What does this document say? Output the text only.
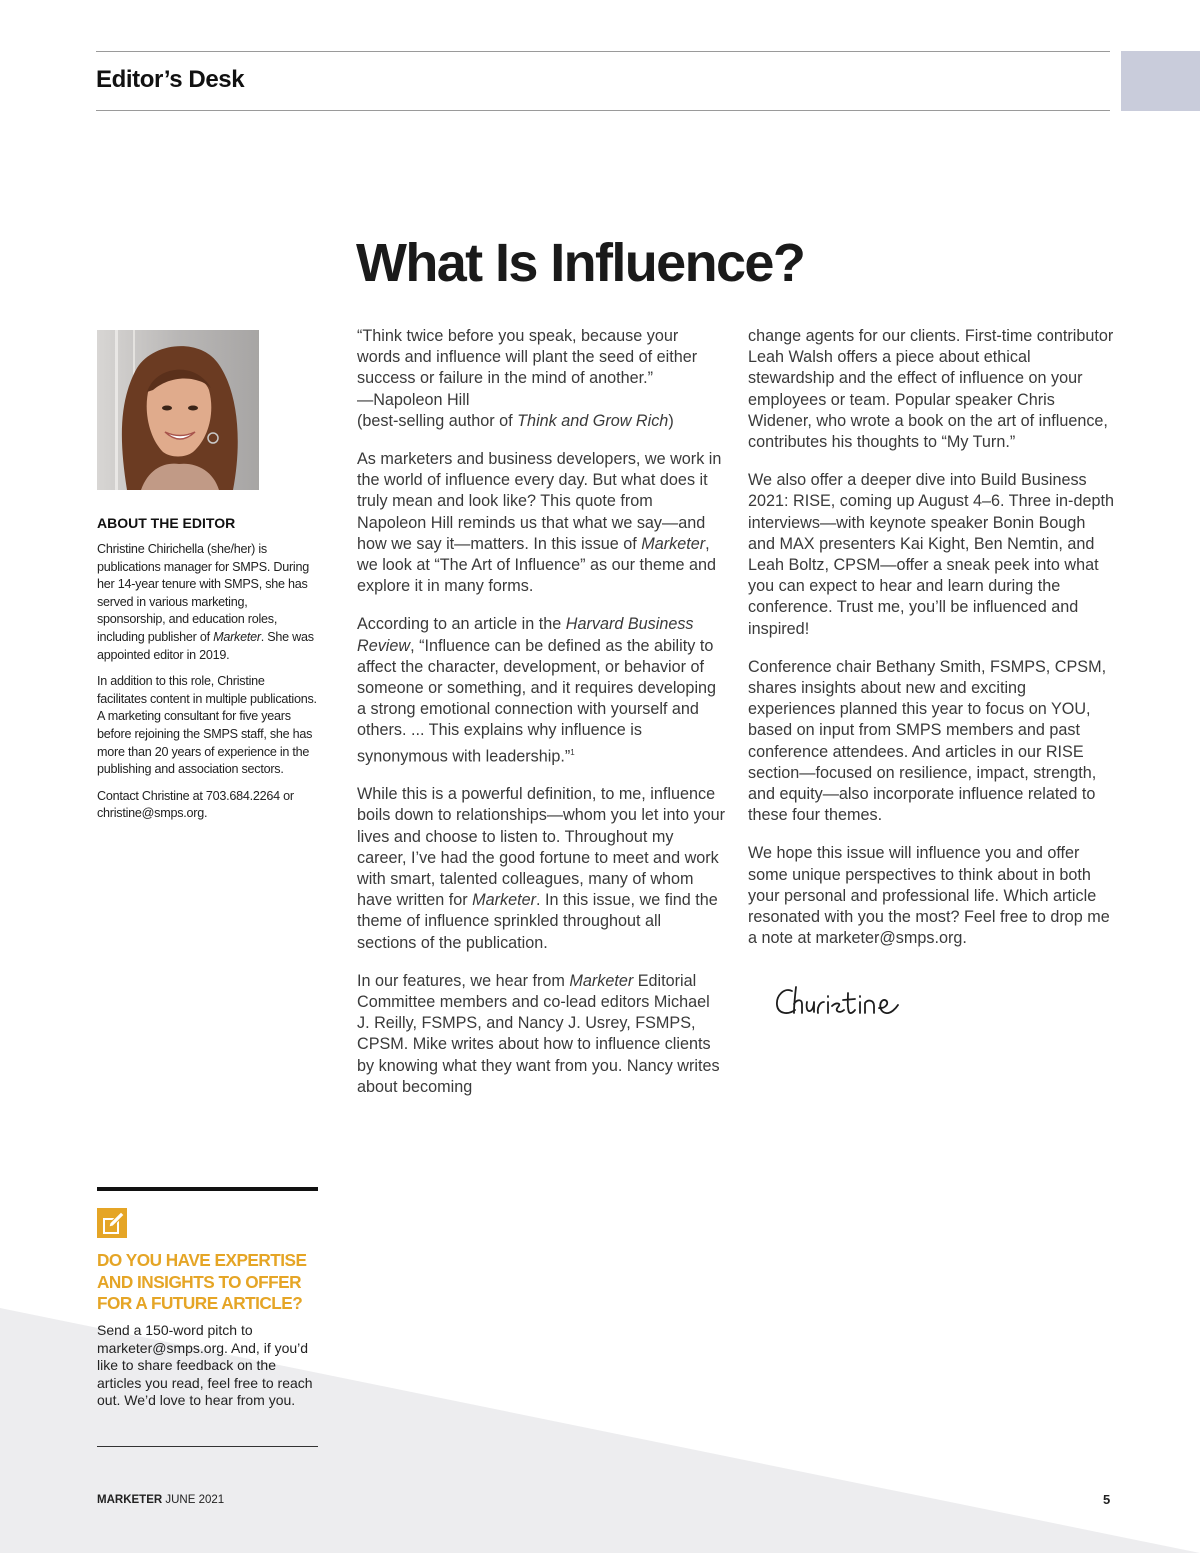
Editor’s Desk
What Is Influence?
ABOUT THE EDITOR

Christine Chirichella (she/her) is publications manager for SMPS. During her 14-year tenure with SMPS, she has served in various marketing, sponsorship, and education roles, including publisher of Marketer. She was appointed editor in 2019.

In addition to this role, Christine facilitates content in multiple publications. A marketing consultant for five years before rejoining the SMPS staff, she has more than 20 years of experience in the publishing and association sectors.

Contact Christine at 703.684.2264 or christine@smps.org.

“Think twice before you speak, because your words and influence will plant the seed of either success or failure in the mind of another.”
—Napoleon Hill
(best-selling author of Think and Grow Rich)

As marketers and business developers, we work in the world of influence every day. But what does it truly mean and look like? This quote from Napoleon Hill reminds us that what we say—and how we say it—matters. In this issue of Marketer, we look at “The Art of Influence” as our theme and explore it in many forms.

According to an article in the Harvard Business Review, “Influence can be defined as the ability to affect the character, development, or behavior of someone or something, and it requires developing a strong emotional connection with yourself and others. ... This explains why influence is synonymous with leadership.”$^1$

While this is a powerful definition, to me, influence boils down to relationships—whom you let into your lives and choose to listen to. Throughout my career, I’ve had the good fortune to meet and work with smart, talented colleagues, many of whom have written for Marketer. In this issue, we find the theme of influence sprinkled throughout all sections of the publication.

In our features, we hear from Marketer Editorial Committee members and co-lead editors Michael J. Reilly, FSMPS, and Nancy J. Usrey, FSMPS, CPSM. Mike writes about how to influence clients by knowing what they want from you. Nancy writes about becoming

change agents for our clients. First-time contributor Leah Walsh offers a piece about ethical stewardship and the effect of influence on your employees or team. Popular speaker Chris Widener, who wrote a book on the art of influence, contributes his thoughts to “My Turn.”

We also offer a deeper dive into Build Business 2021: RISE, coming up August 4–6. Three in-depth interviews—with keynote speaker Bonin Bough and MAX presenters Kai Kight, Ben Nemtin, and Leah Boltz, CPSM—offer a sneak peek into what you can expect to hear and learn during the conference. Trust me, you’ll be influenced and inspired!

Conference chair Bethany Smith, FSMPS, CPSM, shares insights about new and exciting experiences planned this year to focus on YOU, based on input from SMPS members and past conference attendees. And articles in our RISE section—focused on resilience, impact, strength, and equity—also incorporate influence related to these four themes.

We hope this issue will influence you and offer some unique perspectives to think about in both your personal and professional life. Which article resonated with you the most? Feel free to drop me a note at marketer@smps.org.

DO YOU HAVE EXPERTISE AND INSIGHTS TO OFFER FOR A FUTURE ARTICLE?

Send a 150-word pitch to marketer@smps.org. And, if you’d like to share feedback on the articles you read, feel free to reach out. We’d love to hear from you.

MARKETER JUNE 2021	5
